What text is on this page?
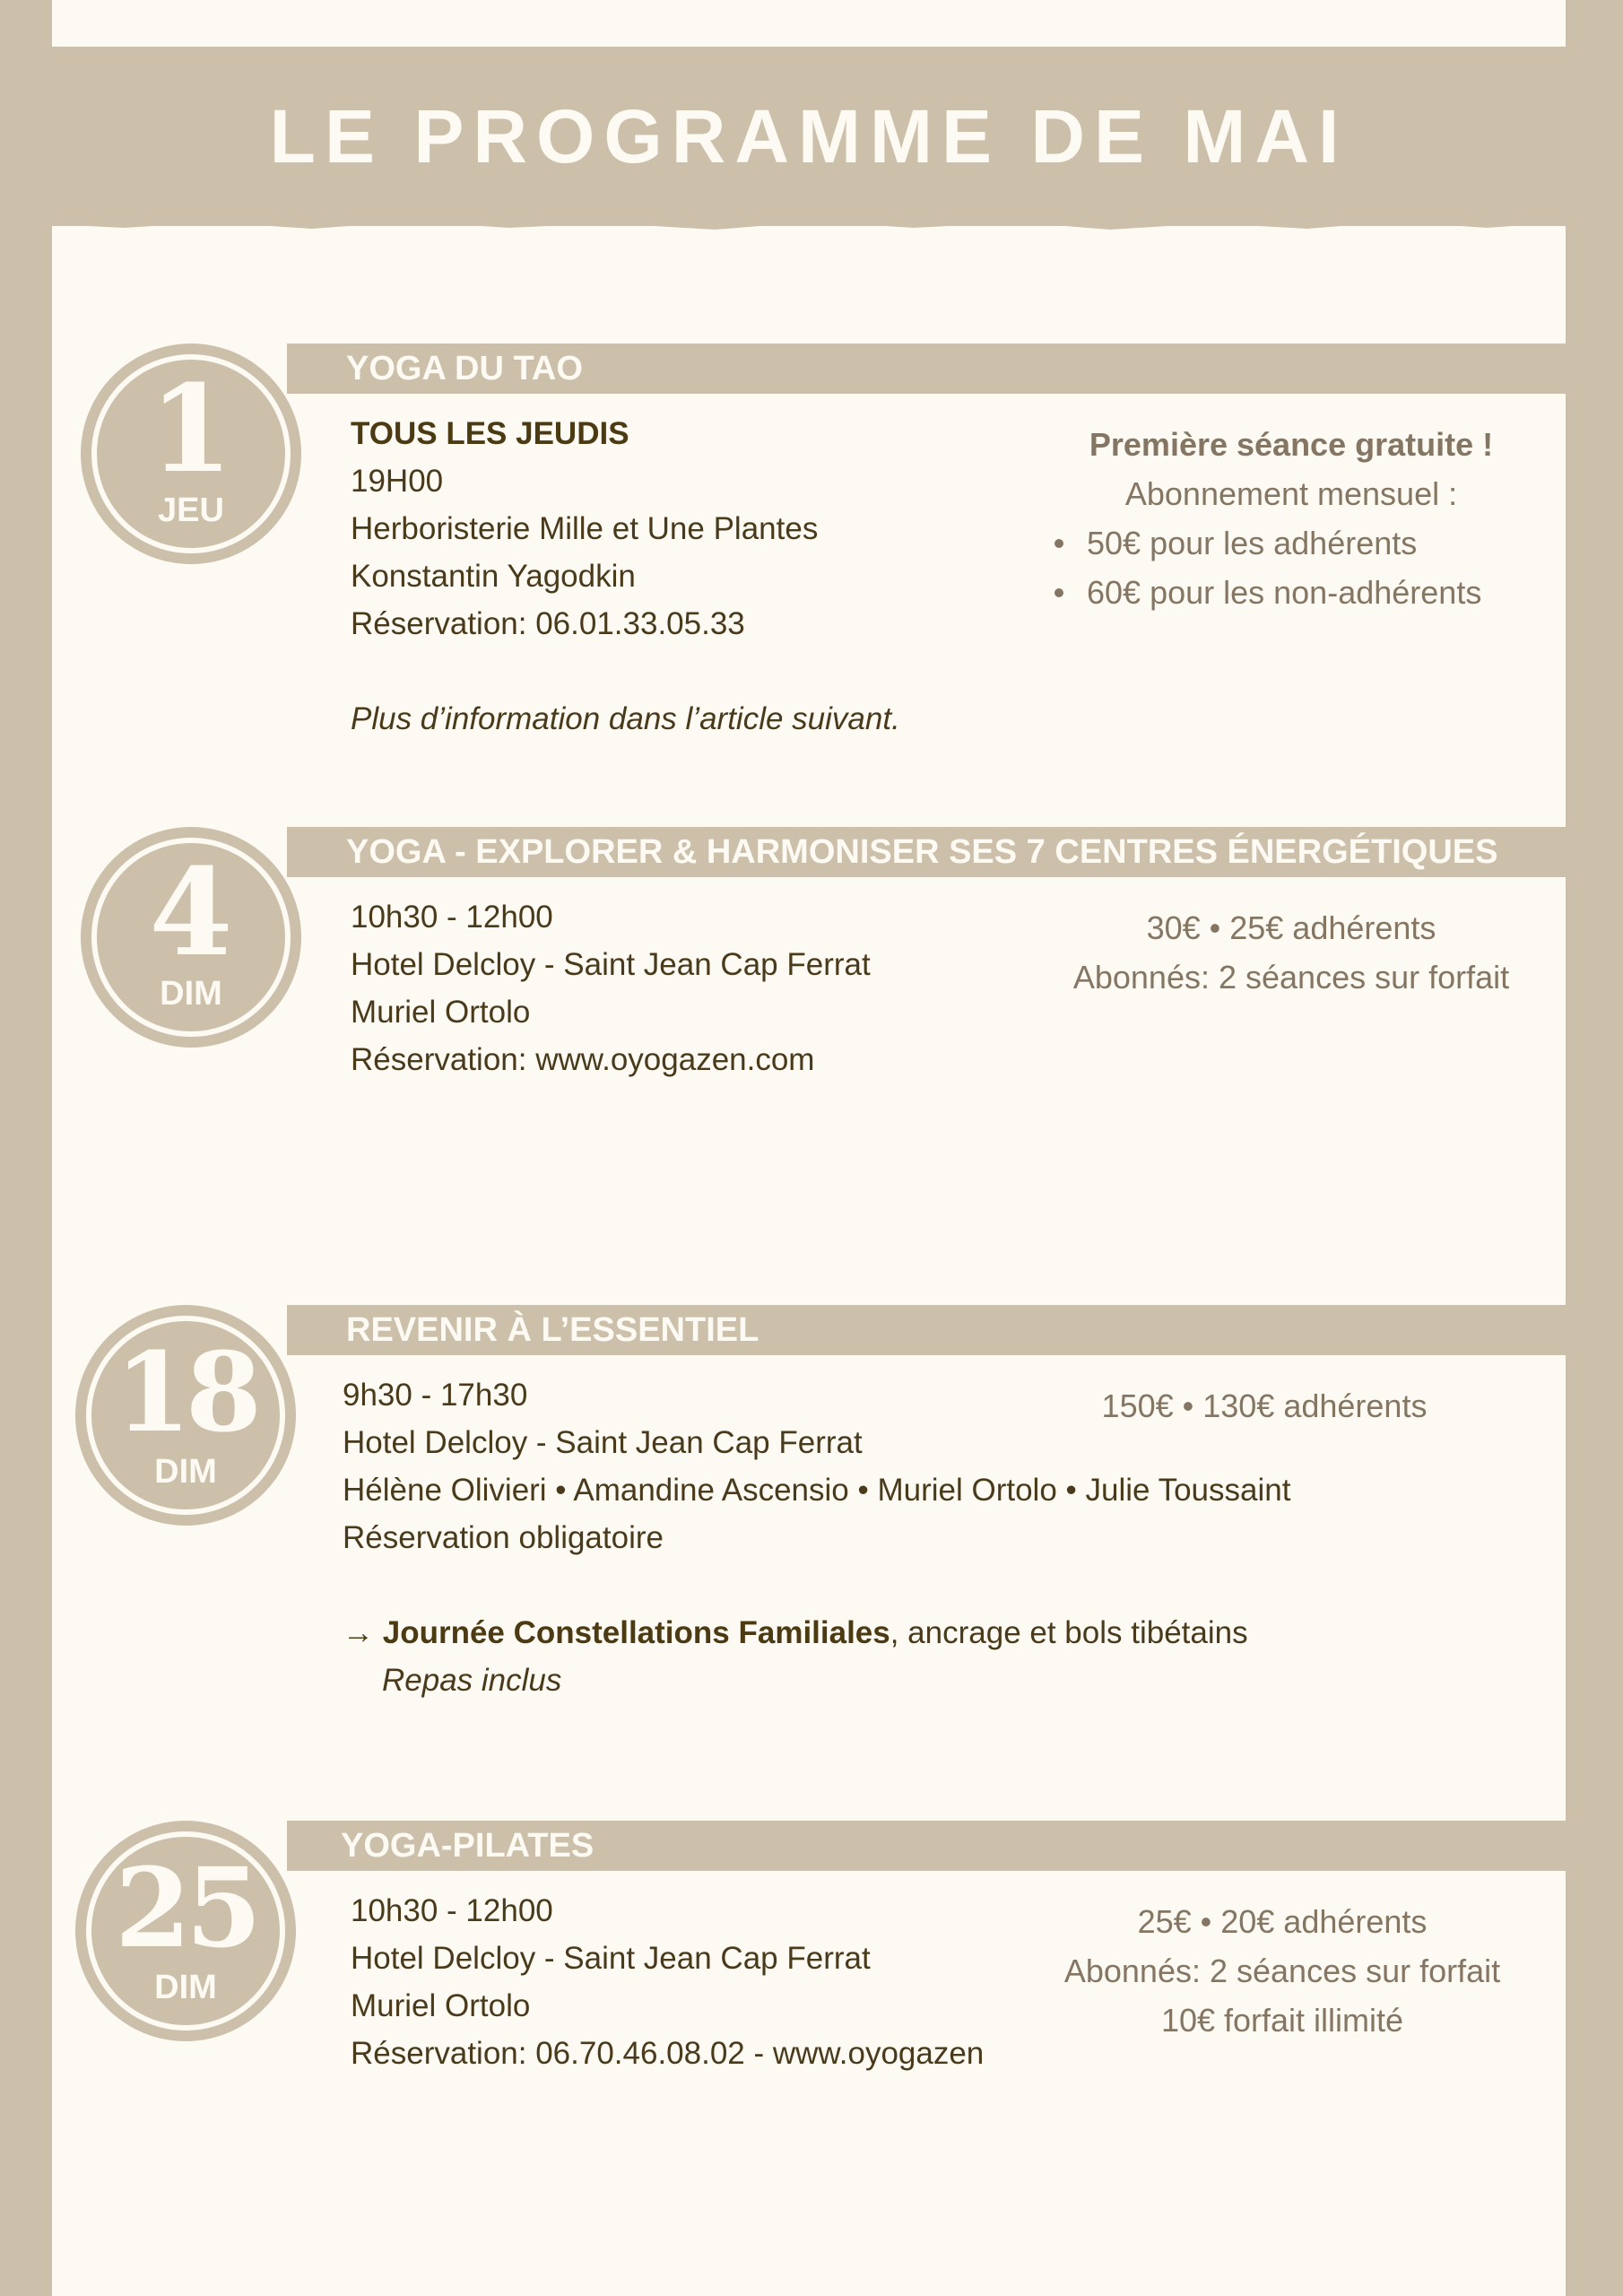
LE PROGRAMME DE MAI
YOGA DU TAO
1
JEU
TOUS LES JEUDIS
19H00
Herboristerie Mille et Une Plantes
Konstantin Yagodkin
Réservation: 06.01.33.05.33
Plus d’information dans l’article suivant.
Première séance gratuite !
Abonnement mensuel :
50€ pour les adhérents
60€ pour les non-adhérents
YOGA - EXPLORER & HARMONISER SES 7 CENTRES ÉNERGÉTIQUES
4
DIM
10h30 - 12h00
Hotel Delcloy - Saint Jean Cap Ferrat
Muriel Ortolo
Réservation: www.oyogazen.com
30€ • 25€ adhérents
Abonnés: 2 séances sur forfait
REVENIR À L’ESSENTIEL
18
DIM
9h30 - 17h30
Hotel Delcloy - Saint Jean Cap Ferrat
Hélène Olivieri • Amandine Ascensio • Muriel Ortolo • Julie Toussaint
Réservation obligatoire
→ Journée Constellations Familiales, ancrage et bols tibétains
Repas inclus
150€ • 130€ adhérents
YOGA-PILATES
25
DIM
10h30 - 12h00
Hotel Delcloy - Saint Jean Cap Ferrat
Muriel Ortolo
Réservation: 06.70.46.08.02 - www.oyogazen
25€ • 20€ adhérents
Abonnés: 2 séances sur forfait
10€ forfait illimité
